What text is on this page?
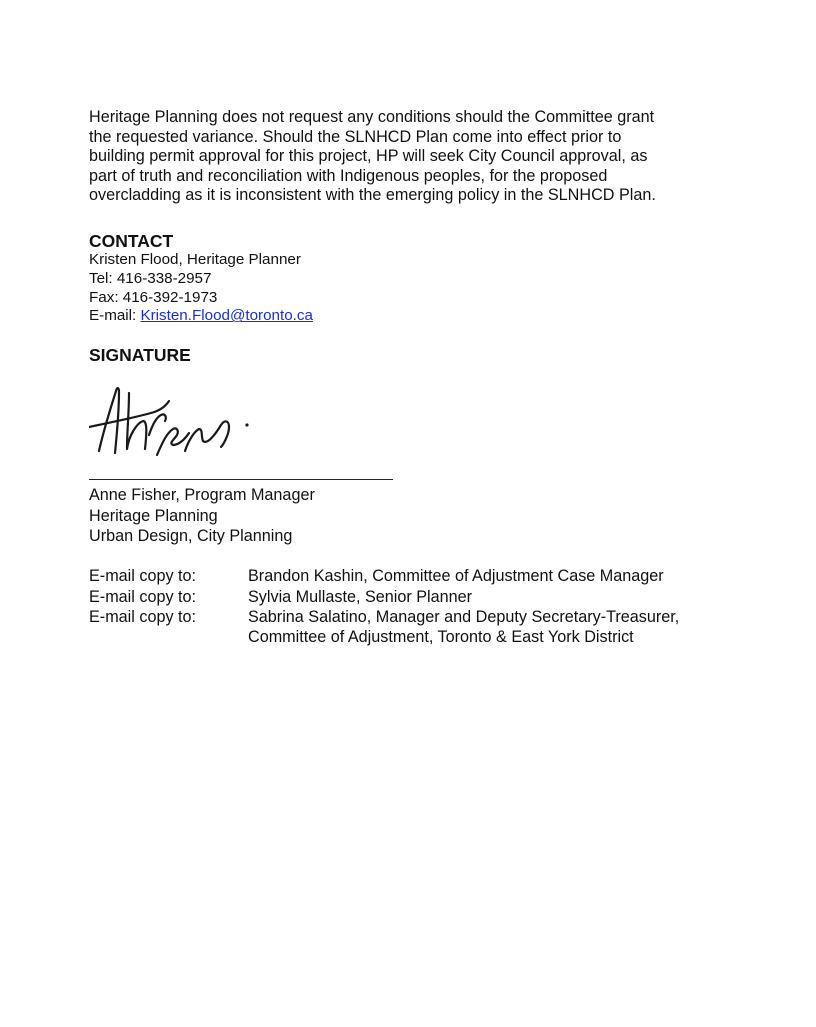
Heritage Planning does not request any conditions should the Committee grant
the requested variance. Should the SLNHCD Plan come into effect prior to
building permit approval for this project, HP will seek City Council approval, as
part of truth and reconciliation with Indigenous peoples, for the proposed
overcladding as it is inconsistent with the emerging policy in the SLNHCD Plan.

CONTACT
Kristen Flood, Heritage Planner
Tel: 416-338-2957
Fax: 416-392-1973
E-mail: Kristen.Flood@toronto.ca
SIGNATURE
Anne Fisher, Program Manager
Heritage Planning
Urban Design, City Planning
E-mail copy to:	Brandon Kashin, Committee of Adjustment Case Manager
E-mail copy to:	Sylvia Mullaste, Senior Planner
E-mail copy to:	Sabrina Salatino, Manager and Deputy Secretary-Treasurer,
Committee of Adjustment, Toronto & East York District
